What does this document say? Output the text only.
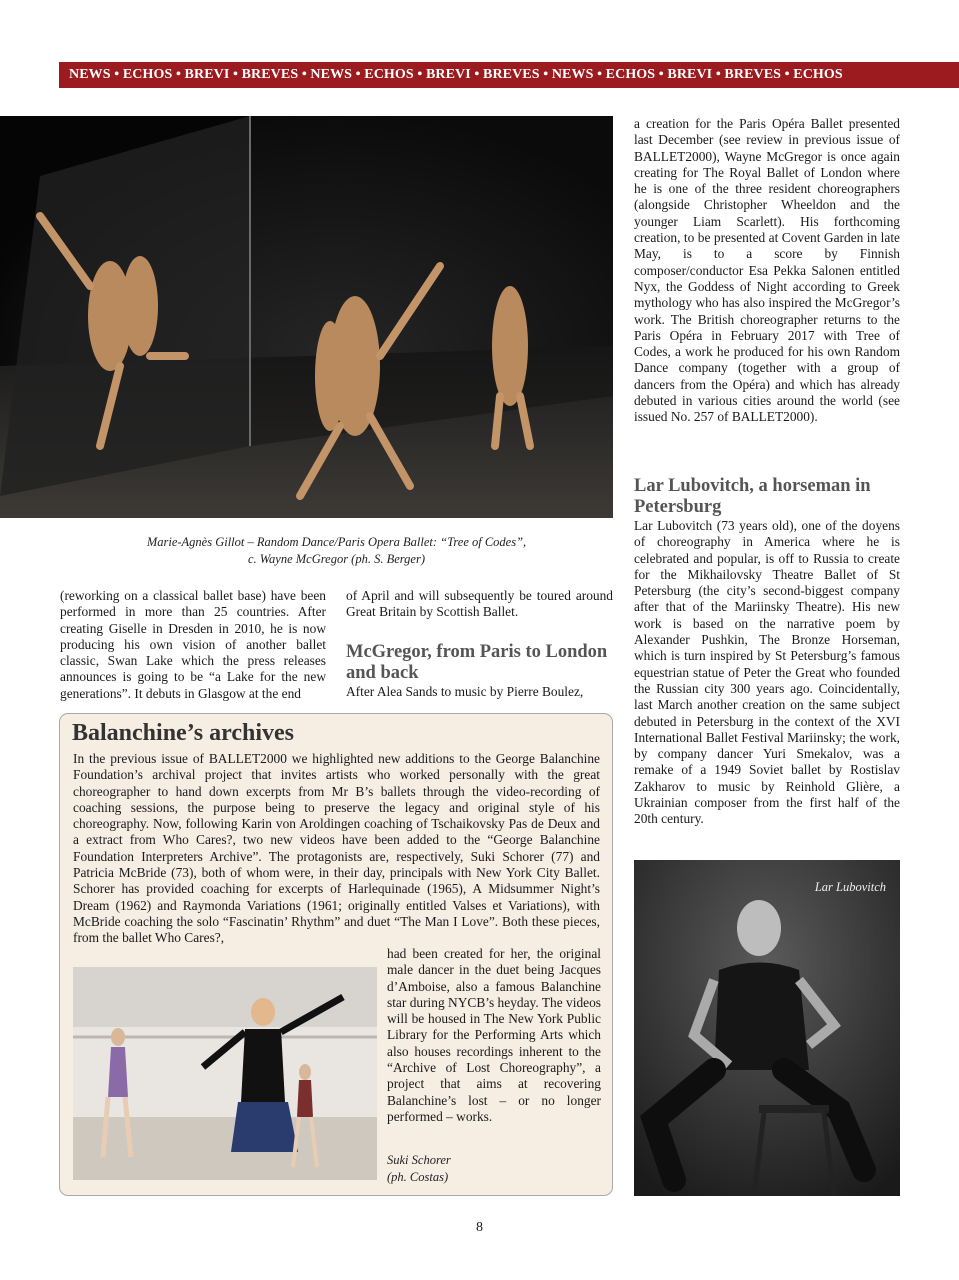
NEWS • ECHOS • BREVI • BREVES • NEWS • ECHOS • BREVI • BREVES • NEWS • ECHOS • BREVI • BREVES • ECHOS
Marie-Agnès Gillot – Random Dance/Paris Opera Ballet: “Tree of Codes”,
c. Wayne McGregor (ph. S. Berger)

(reworking on a classical ballet base) have been performed in more than 25 countries. After creating Giselle in Dresden in 2010, he is now producing his own vision of another ballet classic, Swan Lake which the press releases announces is going to be “a Lake for the new generations”. It debuts in Glasgow at the end

of April and will subsequently be toured around Great Britain by Scottish Ballet.

McGregor, from Paris to London and back

After Alea Sands to music by Pierre Boulez,

a creation for the Paris Opéra Ballet presented last December (see review in previous issue of BALLET2000), Wayne McGregor is once again creating for The Royal Ballet of London where he is one of the three resident choreographers (alongside Christopher Wheeldon and the younger Liam Scarlett). His forthcoming creation, to be presented at Covent Garden in late May, is to a score by Finnish composer/conductor Esa Pekka Salonen entitled Nyx, the Goddess of Night according to Greek mythology who has also inspired the McGregor’s work. The British choreographer returns to the Paris Opéra in February 2017 with Tree of Codes, a work he produced for his own Random Dance company (together with a group of dancers from the Opéra) and which has already debuted in various cities around the world (see issued No. 257 of BALLET2000).

Lar Lubovitch, a horseman in Petersburg

Lar Lubovitch (73 years old), one of the doyens of choreography in America where he is celebrated and popular, is off to Russia to create for the Mikhailovsky Theatre Ballet of St Petersburg (the city’s second-biggest company after that of the Mariinsky Theatre). His new work is based on the narrative poem by Alexander Pushkin, The Bronze Horseman, which is turn inspired by St Petersburg’s famous equestrian statue of Peter the Great who founded the Russian city 300 years ago. Coincidentally, last March another creation on the same subject debuted in Petersburg in the context of the XVI International Ballet Festival Mariinsky; the work, by company dancer Yuri Smekalov, was a remake of a 1949 Soviet ballet by Rostislav Zakharov to music by Reinhold Glière, a Ukrainian composer from the first half of the 20th century.

Lar Lubovitch
Balanchine’s archives
In the previous issue of BALLET2000 we highlighted new additions to the George Balanchine Foundation’s archival project that invites artists who worked personally with the great choreographer to hand down excerpts from Mr B’s ballets through the video-recording of coaching sessions, the purpose being to preserve the legacy and original style of his choreography. Now, following Karin von Aroldingen coaching of Tschaikovsky Pas de Deux and a extract from Who Cares?, two new videos have been added to the “George Balanchine Foundation Interpreters Archive”. The protagonists are, respectively, Suki Schorer (77) and Patricia McBride (73), both of whom were, in their day, principals with New York City Ballet. Schorer has provided coaching for excerpts of Harlequinade (1965), A Midsummer Night’s Dream (1962) and Raymonda Variations (1961; originally entitled Valses et Variations), with McBride coaching the solo “Fascinatin’ Rhythm” and duet “The Man I Love”. Both these pieces, from the ballet Who Cares?,
had been created for her, the original male dancer in the duet being Jacques d’Amboise, also a famous Balanchine star during NYCB’s heyday. The videos will be housed in The New York Public Library for the Performing Arts which also houses recordings inherent to the “Archive of Lost Choreography”, a project that aims at recovering Balanchine’s lost – or no longer performed – works.
Suki Schorer
(ph. Costas)
8
